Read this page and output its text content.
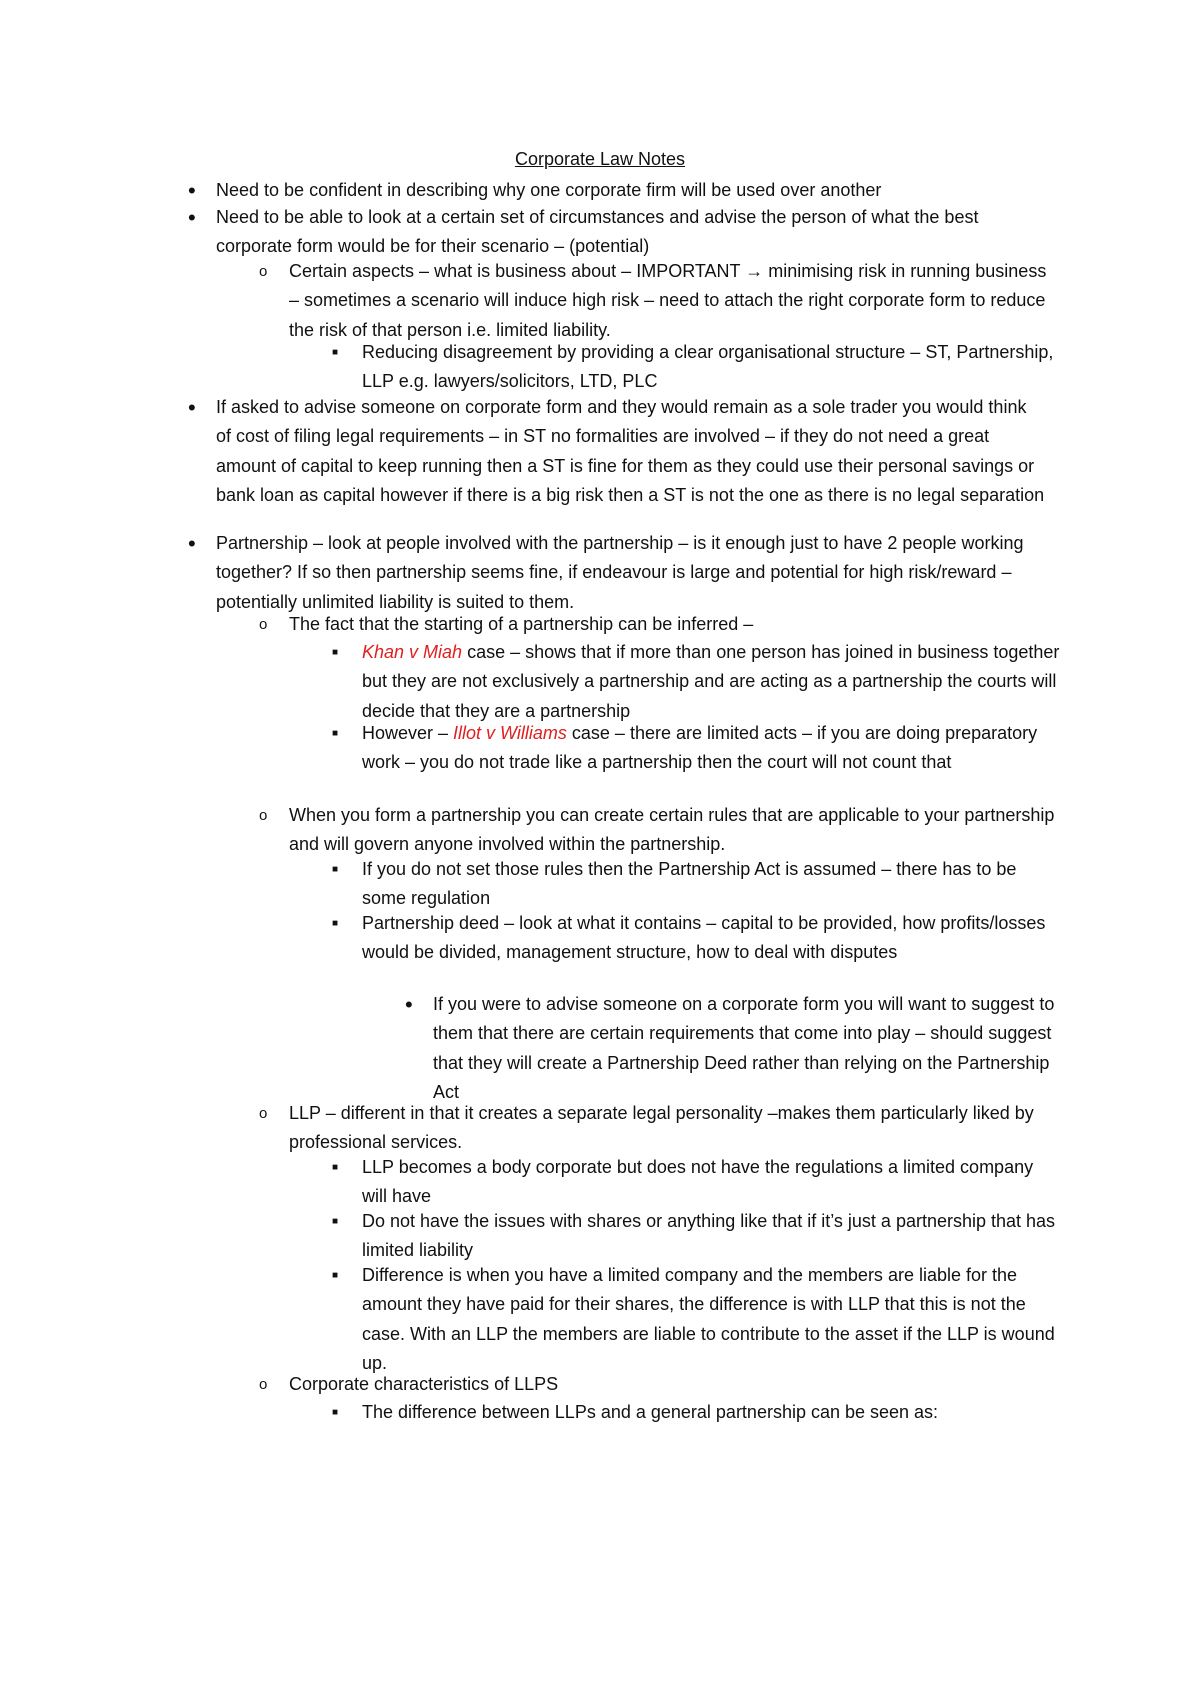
Corporate Law Notes
• Need to be confident in describing why one corporate firm will be used over another
• Need to be able to look at a certain set of circumstances and advise the person of what the best corporate form would be for their scenario – (potential)
o Certain aspects – what is business about – IMPORTANT → minimising risk in running business – sometimes a scenario will induce high risk – need to attach the right corporate form to reduce the risk of that person i.e. limited liability.
■ Reducing disagreement by providing a clear organisational structure – ST, Partnership, LLP e.g. lawyers/solicitors, LTD, PLC
• If asked to advise someone on corporate form and they would remain as a sole trader you would think of cost of filing legal requirements – in ST no formalities are involved – if they do not need a great amount of capital to keep running then a ST is fine for them as they could use their personal savings or bank loan as capital however if there is a big risk then a ST is not the one as there is no legal separation
• Partnership – look at people involved with the partnership – is it enough just to have 2 people working together? If so then partnership seems fine, if endeavour is large and potential for high risk/reward – potentially unlimited liability is suited to them.
o The fact that the starting of a partnership can be inferred –
■ Khan v Miah case – shows that if more than one person has joined in business together but they are not exclusively a partnership and are acting as a partnership the courts will decide that they are a partnership
■ However – Illot v Williams case – there are limited acts – if you are doing preparatory work – you do not trade like a partnership then the court will not count that
o When you form a partnership you can create certain rules that are applicable to your partnership and will govern anyone involved within the partnership.
■ If you do not set those rules then the Partnership Act is assumed – there has to be some regulation
■ Partnership deed – look at what it contains – capital to be provided, how profits/losses would be divided, management structure, how to deal with disputes
• If you were to advise someone on a corporate form you will want to suggest to them that there are certain requirements that come into play – should suggest that they will create a Partnership Deed rather than relying on the Partnership Act
o LLP – different in that it creates a separate legal personality –makes them particularly liked by professional services.
■ LLP becomes a body corporate but does not have the regulations a limited company will have
■ Do not have the issues with shares or anything like that if it’s just a partnership that has limited liability
■ Difference is when you have a limited company and the members are liable for the amount they have paid for their shares, the difference is with LLP that this is not the case. With an LLP the members are liable to contribute to the asset if the LLP is wound up.
o Corporate characteristics of LLPS
■ The difference between LLPs and a general partnership can be seen as:
